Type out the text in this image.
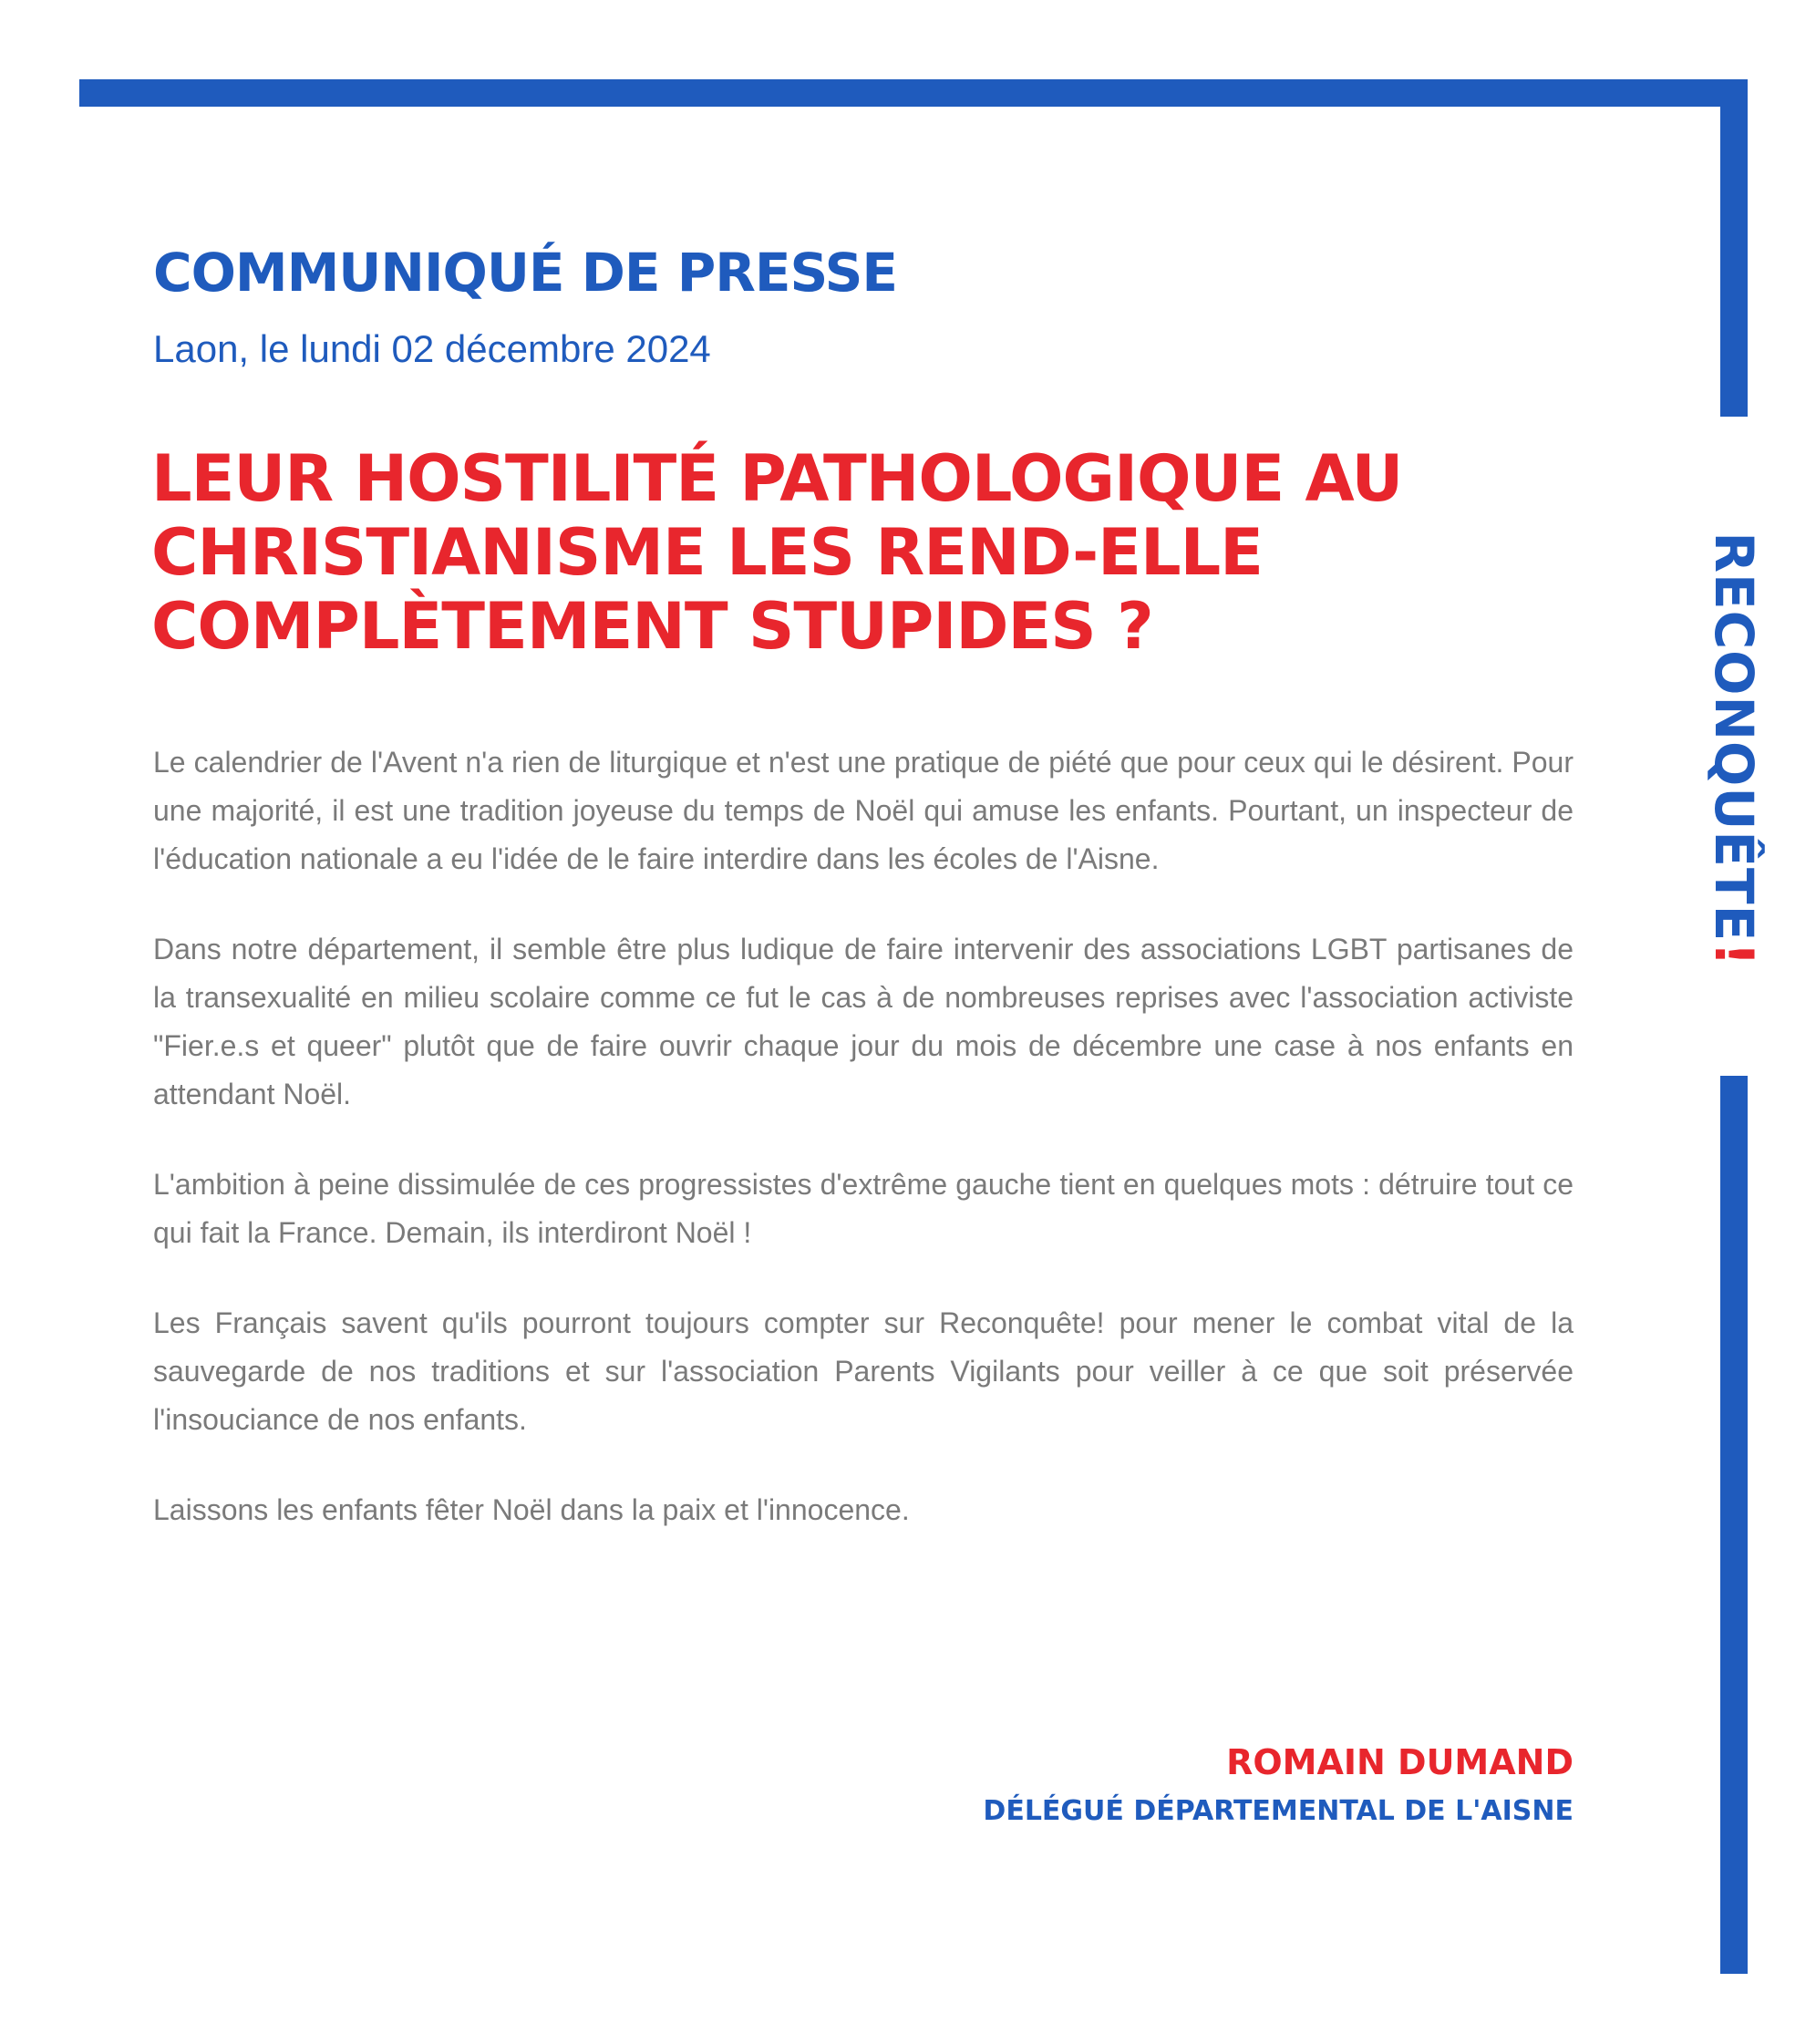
RECONQUÊTE!
COMMUNIQUÉ DE PRESSE
Laon, le lundi 02 décembre 2024
LEUR HOSTILITÉ PATHOLOGIQUE AU
CHRISTIANISME LES REND-ELLE
COMPLÈTEMENT STUPIDES ?

Le calendrier de l'Avent n'a rien de liturgique et n'est une pratique de piété que pour ceux qui le désirent. Pour une majorité, il est une tradition joyeuse du temps de Noël qui amuse les enfants. Pourtant, un inspecteur de l'éducation nationale a eu l'idée de le faire interdire dans les écoles de l'Aisne.

Dans notre département, il semble être plus ludique de faire intervenir des associations LGBT partisanes de la transexualité en milieu scolaire comme ce fut le cas à de nombreuses reprises avec l'association activiste "Fier.e.s et queer" plutôt que de faire ouvrir chaque jour du mois de décembre une case à nos enfants en attendant Noël.

L'ambition à peine dissimulée de ces progressistes d'extrême gauche tient en quelques mots : détruire tout ce qui fait la France. Demain, ils interdiront Noël !

Les Français savent qu'ils pourront toujours compter sur Reconquête! pour mener le combat vital de la sauvegarde de nos traditions et sur l'association Parents Vigilants pour veiller à ce que soit préservée l'insouciance de nos enfants.

Laissons les enfants fêter Noël dans la paix et l'innocence.

ROMAIN DUMAND
DÉLÉGUÉ DÉPARTEMENTAL DE L'AISNE
